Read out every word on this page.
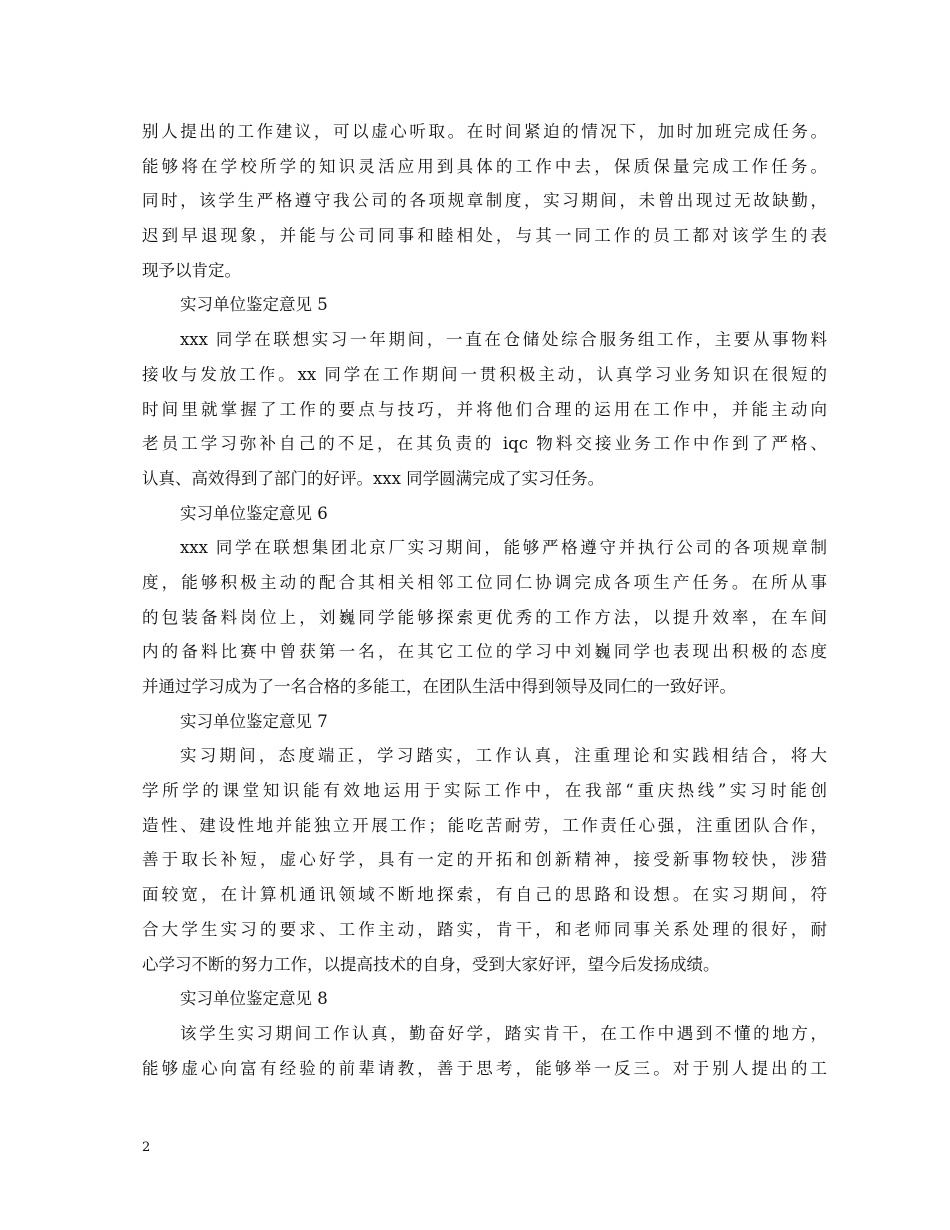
别人提出的工作建议，可以虚心听取。在时间紧迫的情况下，加时加班完成任务。
能够将在学校所学的知识灵活应用到具体的工作中去，保质保量完成工作任务。
同时，该学生严格遵守我公司的各项规章制度，实习期间，未曾出现过无故缺勤，
迟到早退现象，并能与公司同事和睦相处，与其一同工作的员工都对该学生的表
现予以肯定。
实习单位鉴定意见 5
xxx 同学在联想实习一年期间，一直在仓储处综合服务组工作，主要从事物料
接收与发放工作。xx 同学在工作期间一贯积极主动，认真学习业务知识在很短的
时间里就掌握了工作的要点与技巧，并将他们合理的运用在工作中，并能主动向
老员工学习弥补自己的不足，在其负责的 iqc 物料交接业务工作中作到了严格、
认真、高效得到了部门的好评。xxx 同学圆满完成了实习任务。
实习单位鉴定意见 6
xxx 同学在联想集团北京厂实习期间，能够严格遵守并执行公司的各项规章制
度，能够积极主动的配合其相关相邻工位同仁协调完成各项生产任务。在所从事
的包装备料岗位上，刘巍同学能够探索更优秀的工作方法，以提升效率，在车间
内的备料比赛中曾获第一名，在其它工位的学习中刘巍同学也表现出积极的态度
并通过学习成为了一名合格的多能工，在团队生活中得到领导及同仁的一致好评。
实习单位鉴定意见 7
实习期间，态度端正，学习踏实，工作认真，注重理论和实践相结合，将大
学所学的课堂知识能有效地运用于实际工作中，在我部“重庆热线”实习时能创
造性、建设性地并能独立开展工作；能吃苦耐劳，工作责任心强，注重团队合作，
善于取长补短，虚心好学，具有一定的开拓和创新精神，接受新事物较快，涉猎
面较宽，在计算机通讯领域不断地探索，有自己的思路和设想。在实习期间，符
合大学生实习的要求、工作主动，踏实，肯干，和老师同事关系处理的很好，耐
心学习不断的努力工作，以提高技术的自身，受到大家好评，望今后发扬成绩。
实习单位鉴定意见 8
该学生实习期间工作认真，勤奋好学，踏实肯干，在工作中遇到不懂的地方，
能够虚心向富有经验的前辈请教，善于思考，能够举一反三。对于别人提出的工
2
